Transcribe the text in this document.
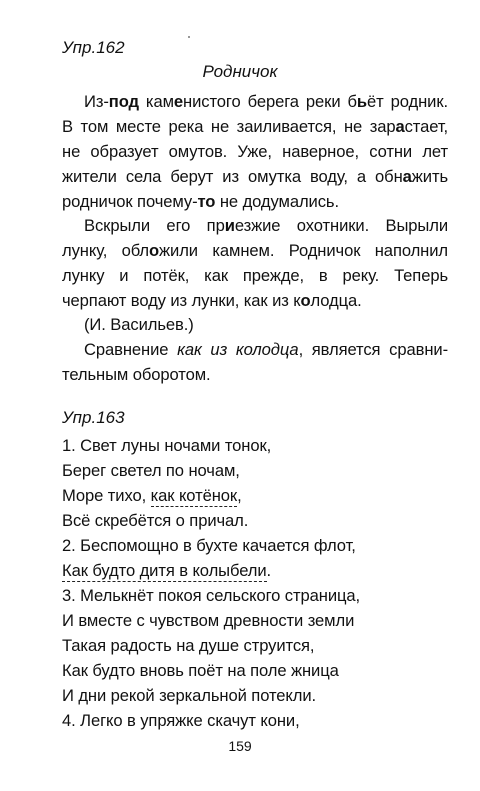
Упр.162
Родничок
Из-под каменистого берега реки бьёт родник.
В том месте река не заиливается, не зарастает,
не образует омутов. Уже, наверное, сотни лет
жители села берут из омутка воду, а обнажить
родничок почему-то не додумались.
Вскрыли его приезжие охотники. Вырыли
лунку, обложили камнем. Родничок наполнил
лунку и потёк, как прежде, в реку. Теперь
черпают воду из лунки, как из колодца.
(И. Васильев.)
Сравнение как из колодца, является сравни-
тельным оборотом.
Упр.163
1. Свет луны ночами тонок,
Берег светел по ночам,
Море тихо, как котёнок,
Всё скребётся о причал.
2. Беспомощно в бухте качается флот,
Как будто дитя в колыбели.
3. Мелькнёт покоя сельского страница,
И вместе с чувством древности земли
Такая радость на душе струится,
Как будто вновь поёт на поле жница
И дни рекой зеркальной потекли.
4. Легко в упряжке скачут кони,
159
